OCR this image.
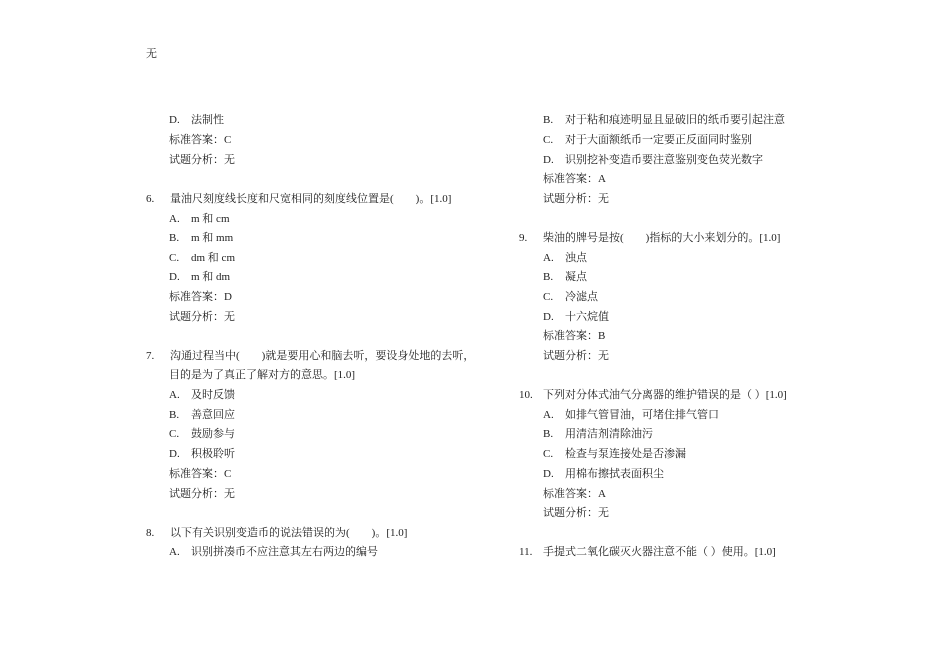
无
D. 法制性
标准答案：C
试题分析：无
6. 量油尺刻度线长度和尺宽相同的刻度线位置是(　　)。[1.0]
A. m 和 cm
B. m 和 mm
C. dm 和 cm
D. m 和 dm
标准答案：D
试题分析：无
7. 沟通过程当中(　　)就是要用心和脑去听，要设身处地的去听，
目的是为了真正了解对方的意思。[1.0]
A. 及时反馈
B. 善意回应
C. 鼓励参与
D. 积极聆听
标准答案：C
试题分析：无
8. 以下有关识别变造币的说法错误的为(　　)。[1.0]
A. 识别拼凑币不应注意其左右两边的编号
B. 对于粘和痕迹明显且显破旧的纸币要引起注意
C. 对于大面额纸币一定要正反面同时鉴别
D. 识别挖补变造币要注意鉴别变色荧光数字
标准答案：A
试题分析：无
9. 柴油的牌号是按(　　)指标的大小来划分的。[1.0]
A. 浊点
B. 凝点
C. 冷滤点
D. 十六烷值
标准答案：B
试题分析：无
10. 下列对分体式油气分离器的维护错误的是（ ）[1.0]
A. 如排气管冒油，可堵住排气管口
B. 用清洁剂清除油污
C. 检查与泵连接处是否渗漏
D. 用棉布擦拭表面积尘
标准答案：A
试题分析：无
11. 手提式二氧化碳灭火器注意不能（ ）使用。[1.0]
